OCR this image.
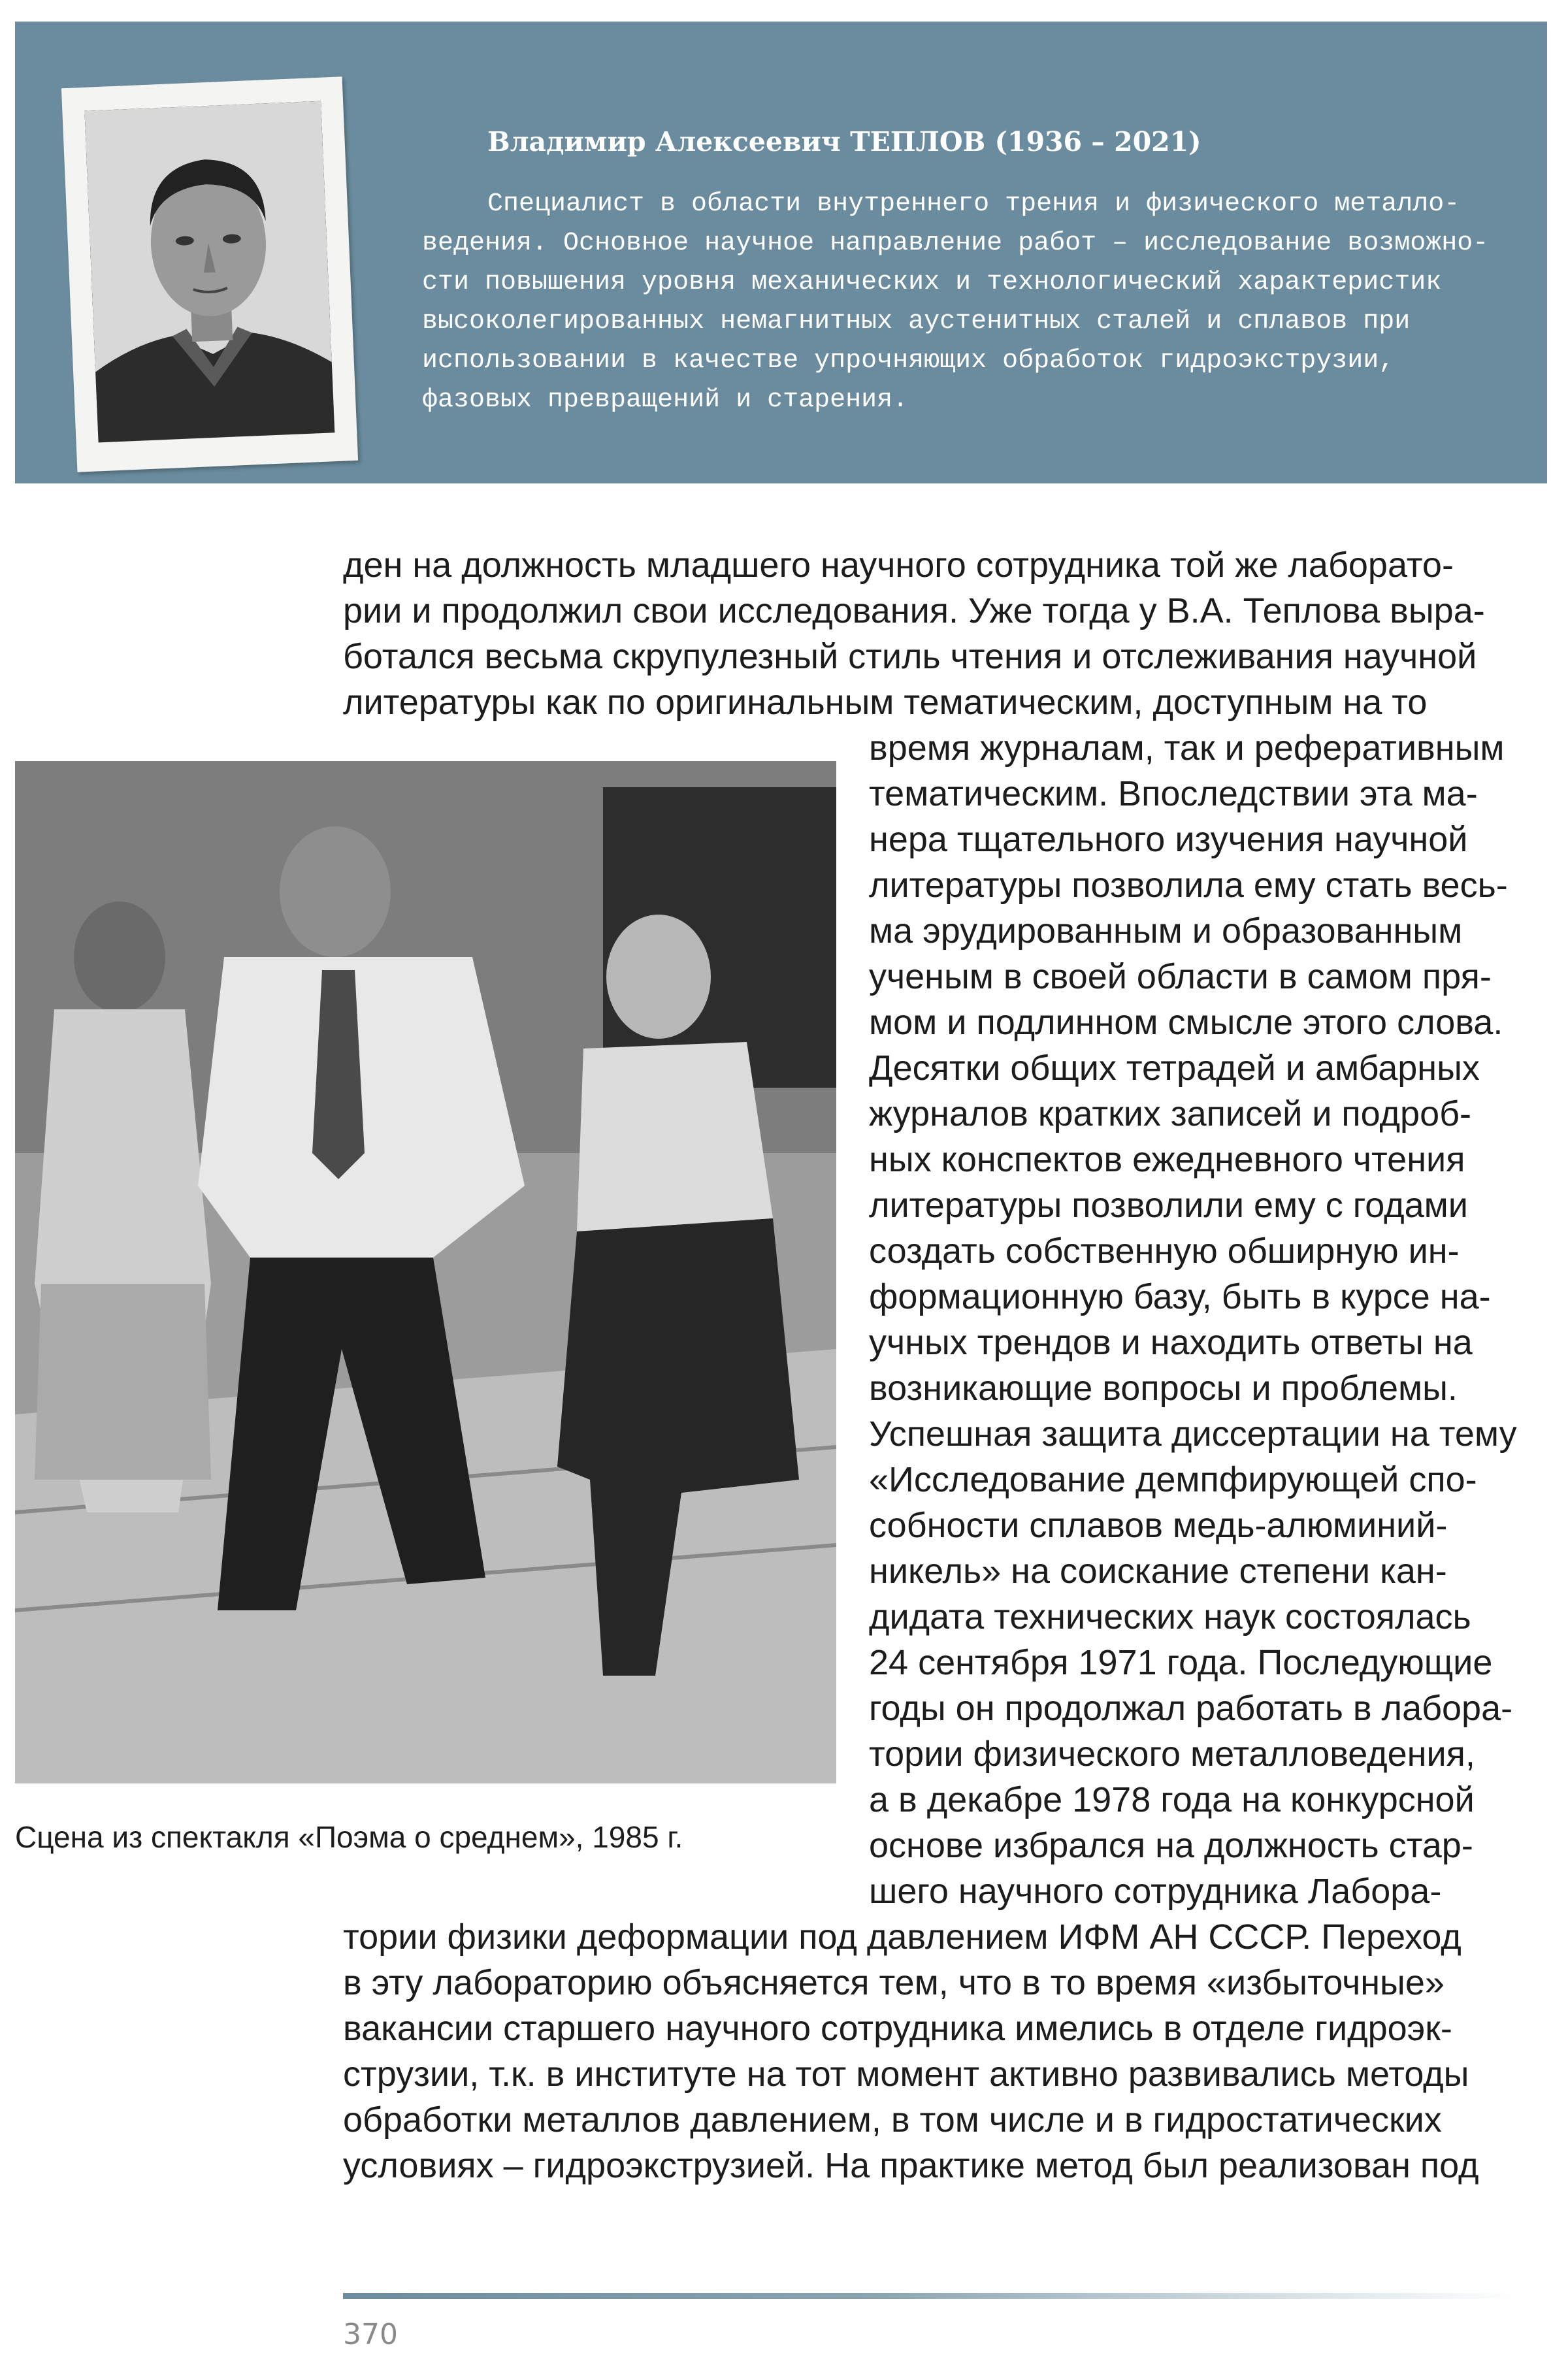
Владимир Алексеевич ТЕПЛОВ (1936 – 2021)
Специалист в области внутреннего трения и физического металло-
ведения. Основное научное направление работ – исследование возможно-
сти повышения уровня механических и технологический характеристик
высоколегированных немагнитных аустенитных сталей и сплавов при
использовании в качестве упрочняющих обработок гидроэкструзии,
фазовых превращений и старения.
ден на должность младшего научного сотрудника той же лаборато-
рии и продолжил свои исследования. Уже тогда у В.А. Теплова выра-
ботался весьма скрупулезный стиль чтения и отслеживания научной
литературы как по оригинальным тематическим, доступным на то
Сцена из спектакля «Поэма о среднем», 1985 г.
время журналам, так и реферативным
тематическим. Впоследствии эта ма-
нера тщательного изучения научной
литературы позволила ему стать весь-
ма эрудированным и образованным
ученым в своей области в самом пря-
мом и подлинном смысле этого слова.
Десятки общих тетрадей и амбарных
журналов кратких записей и подроб-
ных конспектов ежедневного чтения
литературы позволили ему с годами
создать собственную обширную ин-
формационную базу, быть в курсе на-
учных трендов и находить ответы на
возникающие вопросы и проблемы.
Успешная защита диссертации на тему
«Исследование демпфирующей спо-
собности сплавов медь-алюминий-
никель» на соискание степени кан-
дидата технических наук состоялась
24 сентября 1971 года. Последующие
годы он продолжал работать в лабора-
тории физического металловедения,
а в декабре 1978 года на конкурсной
основе избрался на должность стар-
шего научного сотрудника Лабора-
тории физики деформации под давлением ИФМ АН СССР. Переход
в эту лабораторию объясняется тем, что в то время «избыточные»
вакансии старшего научного сотрудника имелись в отделе гидроэк-
струзии, т.к. в институте на тот момент активно развивались методы
обработки металлов давлением, в том числе и в гидростатических
условиях – гидроэкструзией. На практике метод был реализован под
370
